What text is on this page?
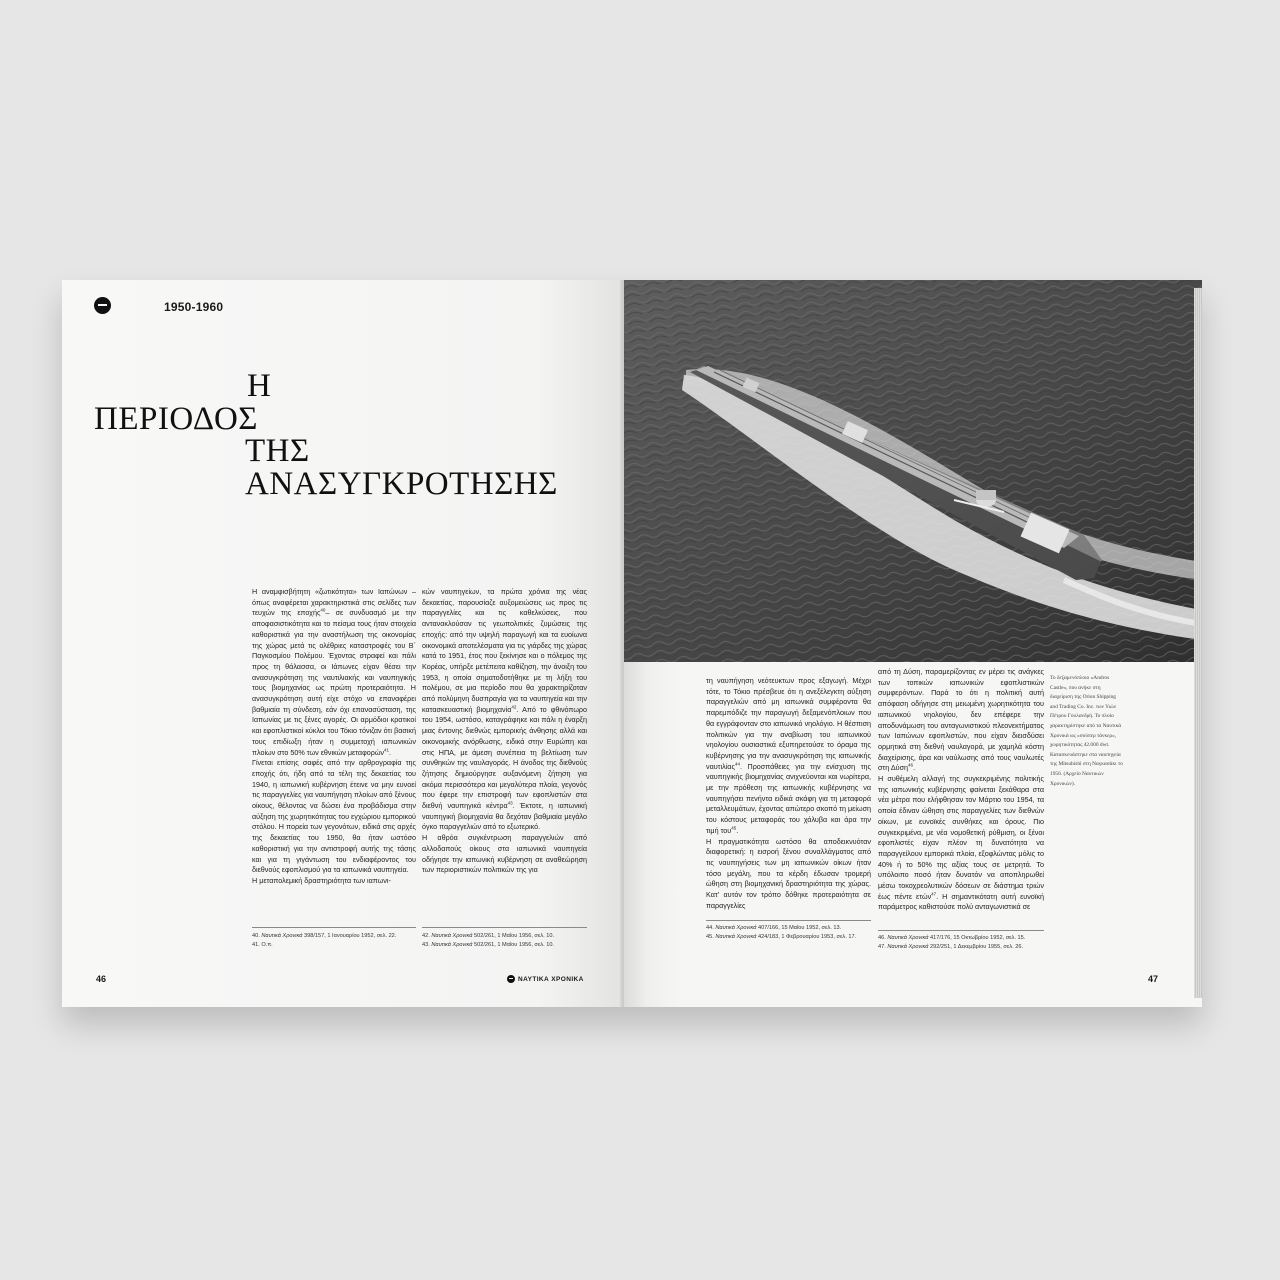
1950-1960
Η
ΠΕΡΙΟΔΟΣ
ΤΗΣ
ΑΝΑΣΥΓΚΡΟΤΗΣΗΣ

Η αναμφισβήτητη «ζωτικότητα» των Ιαπώνων –όπως αναφέρεται χαρακτηριστικά στις σελίδες των τευχών της εποχής$^{40}$– σε συνδυασμό με την αποφασιστικότητα και το πείσμα τους ήταν στοιχεία καθοριστικά για την αναστήλωση της οικονομίας της χώρας μετά τις ολέθριες καταστροφές του Β΄ Παγκοσμίου Πολέμου. Έχοντας στραφεί και πάλι προς τη θάλασσα, οι Ιάπωνες είχαν θέσει την ανασυγκρότηση της ναυτιλιακής και ναυπηγικής τους βιομηχανίας ως πρώτη προτεραιότητα. Η ανασυγκρότηση αυτή είχε στόχο να επαναφέρει βαθμιαία τη σύνδεση, εάν όχι επανασύσταση, της Ιαπωνίας με τις ξένες αγορές. Οι αρμόδιοι κρατικοί και εφοπλιστικοί κύκλοι του Τόκιο τόνιζαν ότι βασική τους επιδίωξη ήταν η συμμετοχή ιαπωνικών πλοίων στο 50% των εθνικών μεταφορών$^{41}$.

Γίνεται επίσης σαφές από την αρθρογραφία της εποχής ότι, ήδη από τα τέλη της δεκαετίας του 1940, η ιαπωνική κυβέρνηση έτεινε να μην ευνοεί τις παραγγελίες για ναυπήγηση πλοίων από ξένους οίκους, θέλοντας να δώσει ένα προβάδισμα στην αύξηση της χωρητικότητας του εγχώριου εμπορικού στόλου. Η πορεία των γεγονότων, ειδικά στις αρχές της δεκαετίας του 1950, θα ήταν ωστόσο καθοριστική για την αντιστροφή αυτής της τάσης και για τη γιγάντωση του ενδιαφέροντος του διεθνούς εφοπλισμού για τα ιαπωνικά ναυπηγεία.

Η μεταπολεμική δραστηριότητα των ιαπωνι-

κών ναυπηγείων, τα πρώτα χρόνια της νέας δεκαετίας, παρουσίαζε αυξομειώσεις ως προς τις παραγγελίες και τις καθελκύσεις, που αντανακλούσαν τις γεωπολιτικές ζυμώσεις της εποχής: από την υψηλή παραγωγή και τα ευοίωνα οικονομικά αποτελέσματα για τις γιάρδες της χώρας κατά το 1951, έτος που ξεκίνησε και ο πόλεμος της Κορέας, υπήρξε μετέπειτα καθίζηση, την άνοιξη του 1953, η οποία σηματοδοτήθηκε με τη λήξη του πολέμου, σε μια περίοδο που θα χαρακτηρίζοταν από πολύμηνη δυσπραγία για τα ναυπηγεία και την κατασκευαστική βιομηχανία$^{42}$. Από το φθινόπωρο του 1954, ωστόσο, καταγράφηκε και πάλι η έναρξη μιας έντονης διεθνώς εμπορικής άνθησης αλλά και οικονομικής ανόρθωσης, ειδικά στην Ευρώπη και στις ΗΠΑ, με άμεση συνέπεια τη βελτίωση των συνθηκών της ναυλαγοράς. Η άνοδος της διεθνούς ζήτησης δημιούργησε αυξανόμενη ζήτηση για ακόμα περισσότερα και μεγαλύτερα πλοία, γεγονός που έφερε την επιστροφή των εφοπλιστών στα διεθνή ναυπηγικά κέντρα$^{43}$. Έκτοτε, η ιαπωνική ναυπηγική βιομηχανία θα δεχόταν βαθμιαία μεγάλο όγκο παραγγελιών από το εξωτερικό.

Η αθρόα συγκέντρωση παραγγελιών από αλλοδαπούς οίκους στα ιαπωνικά ναυπηγεία οδήγησε την ιαπωνική κυβέρνηση σε αναθεώρηση των περιοριστικών πολιτικών της για

40. Ναυτικά Χρονικά 398/157, 1 Ιανουαρίου 1952, σελ. 22.

41. Ο.π.

42. Ναυτικά Χρονικά 502/261, 1 Μαΐου 1956, σελ. 10.

43. Ναυτικά Χρονικά 502/261, 1 Μαΐου 1956, σελ. 10.

46	ΝΑΥΤΙΚΑ ΧΡΟΝΙΚΑ

τη ναυπήγηση νεότευκτων προς εξαγωγή. Μέχρι τότε, το Τόκιο πρέσβευε ότι η ανεξέλεγκτη αύξηση παραγγελιών από μη ιαπωνικά συμφέροντα θα παρεμπόδιζε την παραγωγή δεξαμενόπλοιων που θα εγγράφονταν στο ιαπωνικό νηολόγιο. Η θέσπιση πολιτικών για την αναβίωση του ιαπωνικού νηολογίου ουσιαστικά εξυπηρετούσε το όραμα της κυβέρνησης για την ανασυγκρότηση της ιαπωνικής ναυτιλίας$^{44}$. Προσπάθειες για την ενίσχυση της ναυπηγικής βιομηχανίας ανιχνεύονται και νωρίτερα, με την πρόθεση της ιαπωνικής κυβέρνησης να ναυπηγήσει πενήντα ειδικά σκάφη για τη μεταφορά μεταλλευμάτων, έχοντας απώτερο σκοπό τη μείωση του κόστους μεταφοράς του χάλυβα και άρα την τιμή του$^{45}$.

Η πραγματικότητα ωστόσο θα αποδεικνυόταν διαφορετική: η εισροή ξένου συναλλάγματος από τις ναυπηγήσεις των μη ιαπωνικών οίκων ήταν τόσο μεγάλη, που τα κέρδη έδωσαν τρομερή ώθηση στη βιομηχανική δραστηριότητα της χώρας. Κατ' αυτόν τον τρόπο δόθηκε προτεραιότητα σε παραγγελίες

από τη Δύση, παραμερίζοντας εν μέρει τις ανάγκες των τοπικών ιαπωνικών εφοπλιστικών συμφερόντων. Παρά το ότι η πολιτική αυτή απόφαση οδήγησε στη μειωμένη χωρητικότητα του ιαπωνικού νηολογίου, δεν επέφερε την αποδυνάμωση του ανταγωνιστικού πλεονεκτήματος των Ιαπώνων εφοπλιστών, που είχαν διεισδύσει ορμητικά στη διεθνή ναυλαγορά, με χαμηλά κόστη διαχείρισης, άρα και ναύλωσης από τους ναυλωτές στη Δύση$^{46}$.

Η συθέμελη αλλαγή της συγκεκριμένης πολιτικής της ιαπωνικής κυβέρνησης φαίνεται ξεκάθαρα στα νέα μέτρα που ελήφθησαν τον Μάρτιο του 1954, τα οποία έδιναν ώθηση στις παραγγελίες των διεθνών οίκων, με ευνοϊκές συνθήκες και όρους. Πιο συγκεκριμένα, με νέα νομοθετική ρύθμιση, οι ξένοι εφοπλιστές είχαν πλέον τη δυνατότητα να παραγγείλουν εμπορικά πλοία, εξοφλώντας μόλις το 40% ή το 50% της αξίας τους σε μετρητά. Το υπόλοιπο ποσό ήταν δυνατόν να αποπληρωθεί μέσω τοκοχρεολυτικών δόσεων σε διάστημα τριών έως πέντε ετών$^{47}$. Η σημαντικότατη αυτή ευνοϊκή παράμετρος καθιστούσε πολύ ανταγωνιστικά σε

Το δεξαμενόπλοιο «Andros Castle», που ανήκε στη διαχείριση της Orion Shipping and Trading Co. Inc. των Υιών Πέτρου Γουλανδρή. Το πλοίο χαρακτηρίστηκε από τα Ναυτικά Χρονικά ως «σούπερ τάνκερ», χωρητικότητας 42.000 dwt. Κατασκευάστηκε στα ναυπηγεία της Mitsubishi στη Ναγκασάκι το 1956. (Αρχείο Ναυτικών Χρονικών).

44. Ναυτικά Χρονικά 407/166, 15 Μαΐου 1952, σελ. 13.

45. Ναυτικά Χρονικά 424/183, 1 Φεβρουαρίου 1953, σελ. 17.	46. Ναυτικά Χρονικά 417/176, 15 Οκτωβρίου 1952, σελ. 15.

47. Ναυτικά Χρονικά 292/251, 1 Δεκεμβρίου 1955, σελ. 26.

47
